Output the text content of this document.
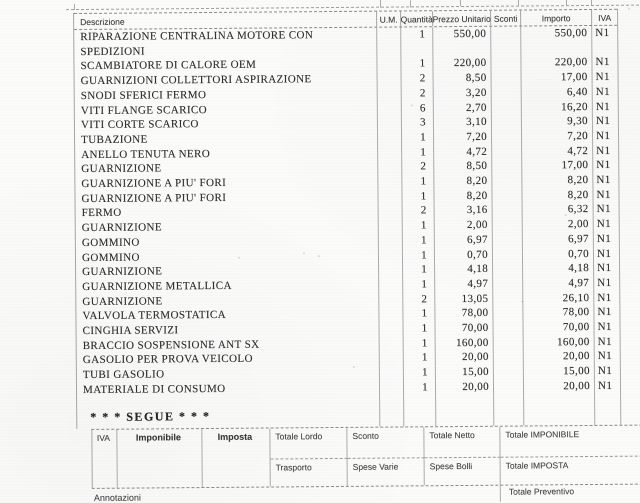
Descrizione	U.M. Quantità Prezzo Unitario Sconti	Importo	IVA
RIPARAZIONE CENTRALINA MOTORE CON
SPEDIZIONI
1	550,00	550,00 N1
SCAMBIATORE DI CALORE OEM	1	220,00	220,00 N1
GUARNIZIONI COLLETTORI ASPIRAZIONE	2	8,50	17,00 N1
SNODI SFERICI FERMO	2	3,20	6,40 N1
VITI FLANGE SCARICO	6	2,70	16,20 N1
VITI CORTE SCARICO	3	3,10	9,30 N1
TUBAZIONE	1	7,20	7,20 N1
ANELLO TENUTA NERO	1	4,72	4,72 N1
GUARNIZIONE	2	8,50	17,00 N1
GUARNIZIONE A PIU' FORI	1	8,20	8,20 N1
GUARNIZIONE A PIU' FORI	1	8,20	8,20 N1
FERMO	2	3,16	6,32 N1
GUARNIZIONE	1	2,00	2,00 N1
GOMMINO	1	6,97	6,97 N1
GOMMINO	1	0,70	0,70 N1
GUARNIZIONE	1	4,18	4,18 N1
GUARNIZIONE METALLICA	1	4,97	4,97 N1
GUARNIZIONE	2	13,05	26,10 N1
VALVOLA TERMOSTATICA	1	78,00	78,00 N1
CINGHIA SERVIZI	1	70,00	70,00 N1
BRACCIO SOSPENSIONE ANT SX	1	160,00	160,00 N1
GASOLIO PER PROVA VEICOLO	1	20,00	20,00 N1
TUBI GASOLIO	1	15,00	15,00 N1
MATERIALE DI CONSUMO	1	20,00	20,00 N1
* * * SEGUE * * *
IVA	Imponibile	Imposta	Totale Lordo	Sconto	Totale Netto	Totale IMPONIBILE
Trasporto	Spese Varie	Spese Bolli	Totale IMPOSTA
Totale Preventivo
Annotazioni
